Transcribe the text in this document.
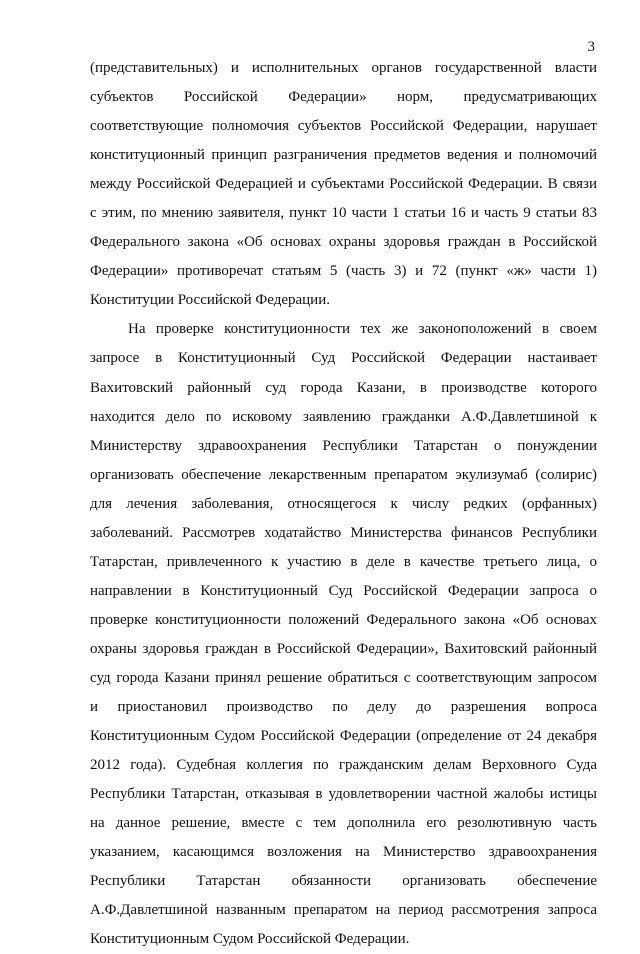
3
(представительных) и исполнительных органов государственной власти
субъектов Российской Федерации» норм, предусматривающих
соответствующие полномочия субъектов Российской Федерации, нарушает
конституционный принцип разграничения предметов ведения и полномочий
между Российской Федерацией и субъектами Российской Федерации. В связи
с этим, по мнению заявителя, пункт 10 части 1 статьи 16 и часть 9 статьи 83
Федерального закона «Об основах охраны здоровья граждан в Российской
Федерации» противоречат статьям 5 (часть 3) и 72 (пункт «ж» части 1)
Конституции Российской Федерации.
На проверке конституционности тех же законоположений в своем
запросе в Конституционный Суд Российской Федерации настаивает
Вахитовский районный суд города Казани, в производстве которого
находится дело по исковому заявлению гражданки А.Ф.Давлетшиной к
Министерству здравоохранения Республики Татарстан о понуждении
организовать обеспечение лекарственным препаратом экулизумаб (солирис)
для лечения заболевания, относящегося к числу редких (орфанных)
заболеваний. Рассмотрев ходатайство Министерства финансов Республики
Татарстан, привлеченного к участию в деле в качестве третьего лица, о
направлении в Конституционный Суд Российской Федерации запроса о
проверке конституционности положений Федерального закона «Об основах
охраны здоровья граждан в Российской Федерации», Вахитовский районный
суд города Казани принял решение обратиться с соответствующим запросом
и приостановил производство по делу до разрешения вопроса
Конституционным Судом Российской Федерации (определение от 24 декабря
2012 года). Судебная коллегия по гражданским делам Верховного Суда
Республики Татарстан, отказывая в удовлетворении частной жалобы истицы
на данное решение, вместе с тем дополнила его резолютивную часть
указанием, касающимся возложения на Министерство здравоохранения
Республики Татарстан обязанности организовать обеспечение
А.Ф.Давлетшиной названным препаратом на период рассмотрения запроса
Конституционным Судом Российской Федерации.
